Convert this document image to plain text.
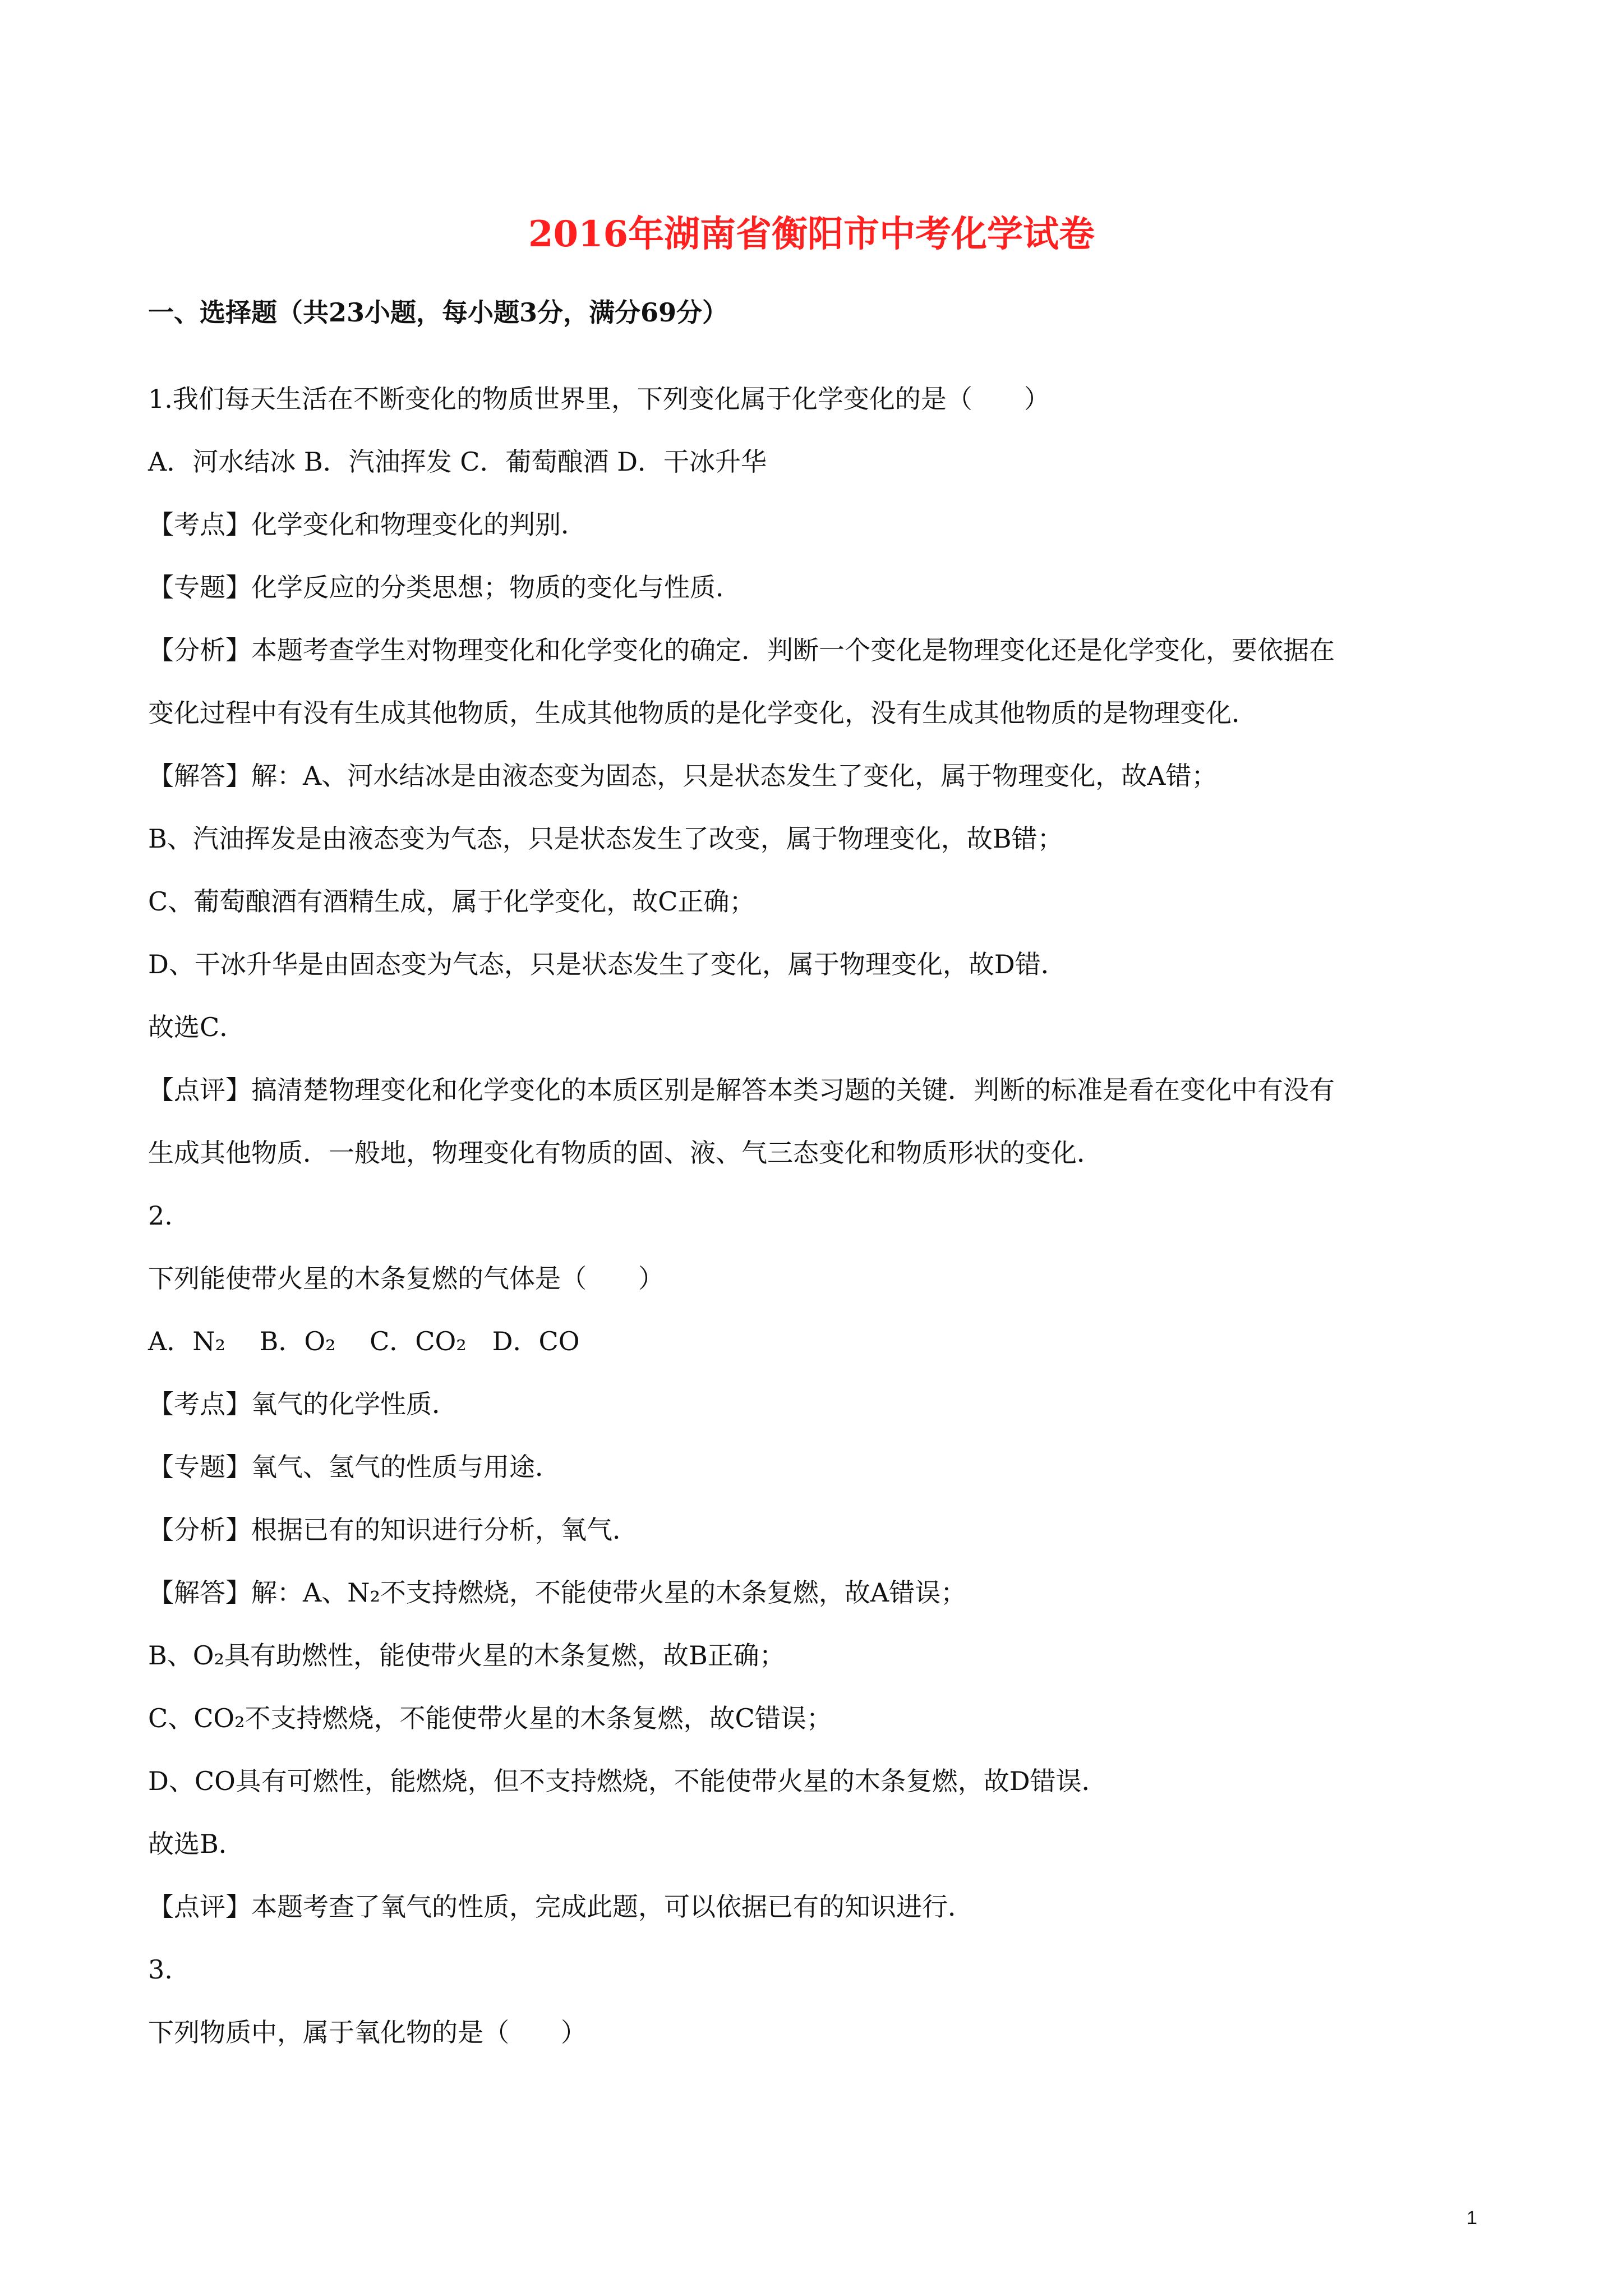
2016年湖南省衡阳市中考化学试卷
一、选择题（共23小题，每小题3分，满分69分）
1.我们每天生活在不断变化的物质世界里，下列变化属于化学变化的是（　　）
A．河水结冰 B．汽油挥发 C．葡萄酿酒 D．干冰升华
【考点】化学变化和物理变化的判别．
【专题】化学反应的分类思想；物质的变化与性质．
【分析】本题考查学生对物理变化和化学变化的确定．判断一个变化是物理变化还是化学变化，要依据在
变化过程中有没有生成其他物质，生成其他物质的是化学变化，没有生成其他物质的是物理变化．
【解答】解：A、河水结冰是由液态变为固态，只是状态发生了变化，属于物理变化，故A错；
B、汽油挥发是由液态变为气态，只是状态发生了改变，属于物理变化，故B错；
C、葡萄酿酒有酒精生成，属于化学变化，故C正确；
D、干冰升华是由固态变为气态，只是状态发生了变化，属于物理变化，故D错．
故选C．
【点评】搞清楚物理变化和化学变化的本质区别是解答本类习题的关键．判断的标准是看在变化中有没有
生成其他物质．一般地，物理变化有物质的固、液、气三态变化和物质形状的变化．
2.
下列能使带火星的木条复燃的气体是（　　）
A．N₂　 B．O₂　 C．CO₂　D．CO
【考点】氧气的化学性质．
【专题】氧气、氢气的性质与用途．
【分析】根据已有的知识进行分析，氧气．
【解答】解：A、N₂不支持燃烧，不能使带火星的木条复燃，故A错误；
B、O₂具有助燃性，能使带火星的木条复燃，故B正确；
C、CO₂不支持燃烧，不能使带火星的木条复燃，故C错误；
D、CO具有可燃性，能燃烧，但不支持燃烧，不能使带火星的木条复燃，故D错误．
故选B．
【点评】本题考查了氧气的性质，完成此题，可以依据已有的知识进行．
3.
下列物质中，属于氧化物的是（　　）
1
